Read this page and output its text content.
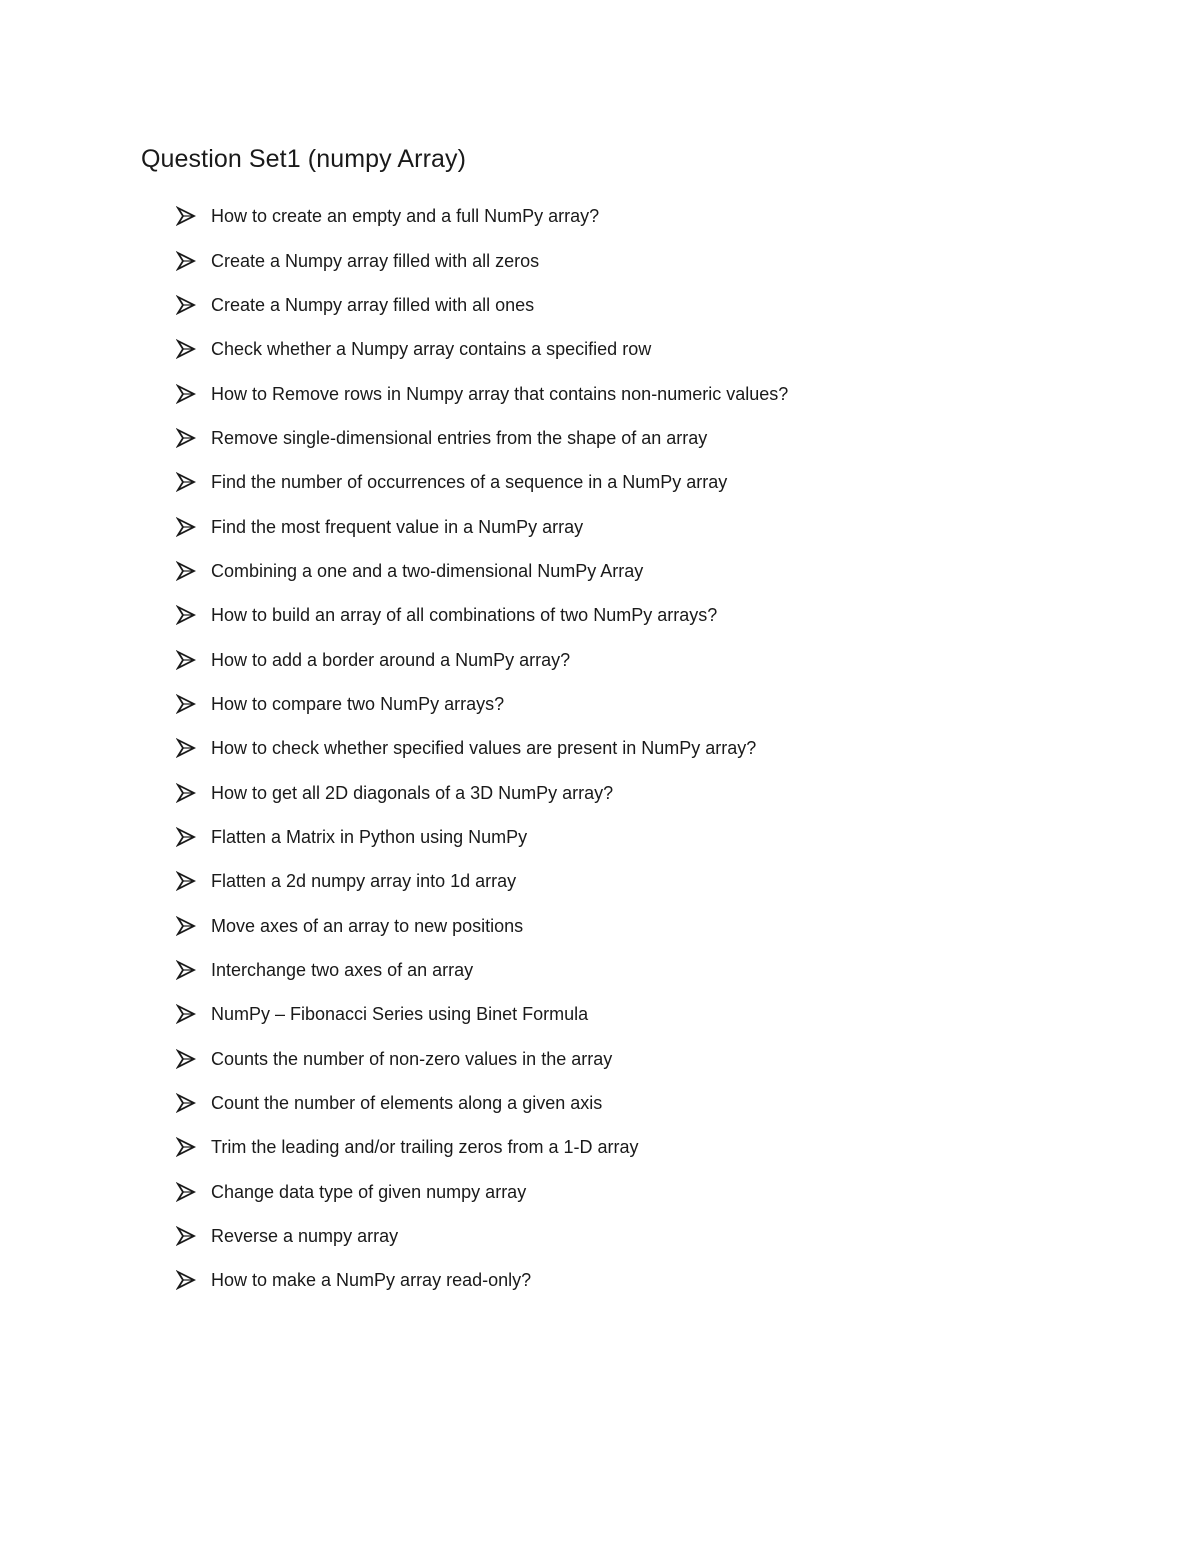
Question Set1 (numpy Array)
How to create an empty and a full NumPy array?
Create a Numpy array filled with all zeros
Create a Numpy array filled with all ones
Check whether a Numpy array contains a specified row
How to Remove rows in Numpy array that contains non-numeric values?
Remove single-dimensional entries from the shape of an array
Find the number of occurrences of a sequence in a NumPy array
Find the most frequent value in a NumPy array
Combining a one and a two-dimensional NumPy Array
How to build an array of all combinations of two NumPy arrays?
How to add a border around a NumPy array?
How to compare two NumPy arrays?
How to check whether specified values are present in NumPy array?
How to get all 2D diagonals of a 3D NumPy array?
Flatten a Matrix in Python using NumPy
Flatten a 2d numpy array into 1d array
Move axes of an array to new positions
Interchange two axes of an array
NumPy – Fibonacci Series using Binet Formula
Counts the number of non-zero values in the array
Count the number of elements along a given axis
Trim the leading and/or trailing zeros from a 1-D array
Change data type of given numpy array
Reverse a numpy array
How to make a NumPy array read-only?
